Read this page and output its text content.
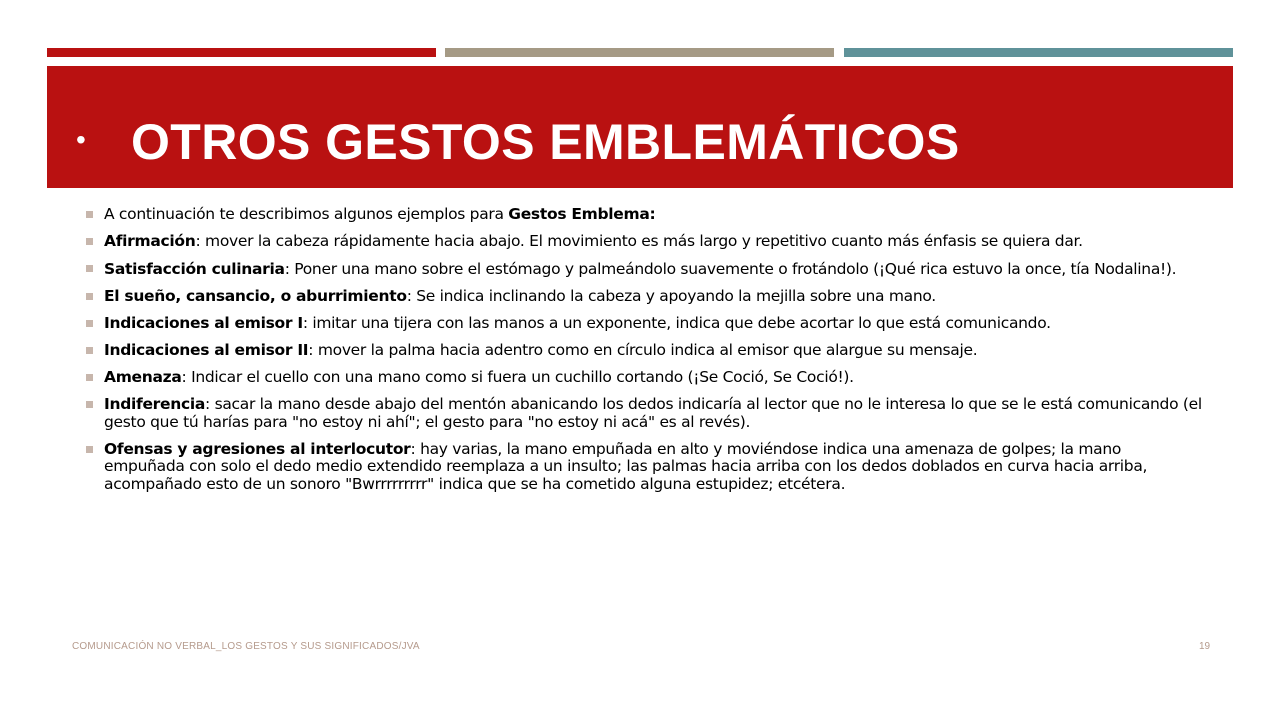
• OTROS GESTOS EMBLEMÁTICOS
A continuación te describimos algunos ejemplos para Gestos Emblema:
Afirmación: mover la cabeza rápidamente hacia abajo. El movimiento es más largo y repetitivo cuanto más énfasis se quiera dar.
Satisfacción culinaria: Poner una mano sobre el estómago y palmeándolo suavemente o frotándolo (¡Qué rica estuvo la once, tía Nodalina!).
El sueño, cansancio, o aburrimiento: Se indica inclinando la cabeza y apoyando la mejilla sobre una mano.
Indicaciones al emisor I: imitar una tijera con las manos a un exponente, indica que debe acortar lo que está comunicando.
Indicaciones al emisor II: mover la palma hacia adentro como en círculo indica al emisor que alargue su mensaje.
Amenaza: Indicar el cuello con una mano como si fuera un cuchillo cortando (¡Se Coció, Se Coció!).
Indiferencia: sacar la mano desde abajo del mentón abanicando los dedos indicaría al lector que no le interesa lo que se le está comunicando (el gesto que tú harías para "no estoy ni ahí"; el gesto para "no estoy ni acá" es al revés).
Ofensas y agresiones al interlocutor: hay varias, la mano empuñada en alto y moviéndose indica una amenaza de golpes; la mano empuñada con solo el dedo medio extendido reemplaza a un insulto; las palmas hacia arriba con los dedos doblados en curva hacia arriba, acompañado esto de un sonoro "Bwrrrrrrrrr" indica que se ha cometido alguna estupidez; etcétera.
COMUNICACIÓN NO VERBAL_LOS GESTOS Y SUS SIGNIFICADOS/JVA	19
